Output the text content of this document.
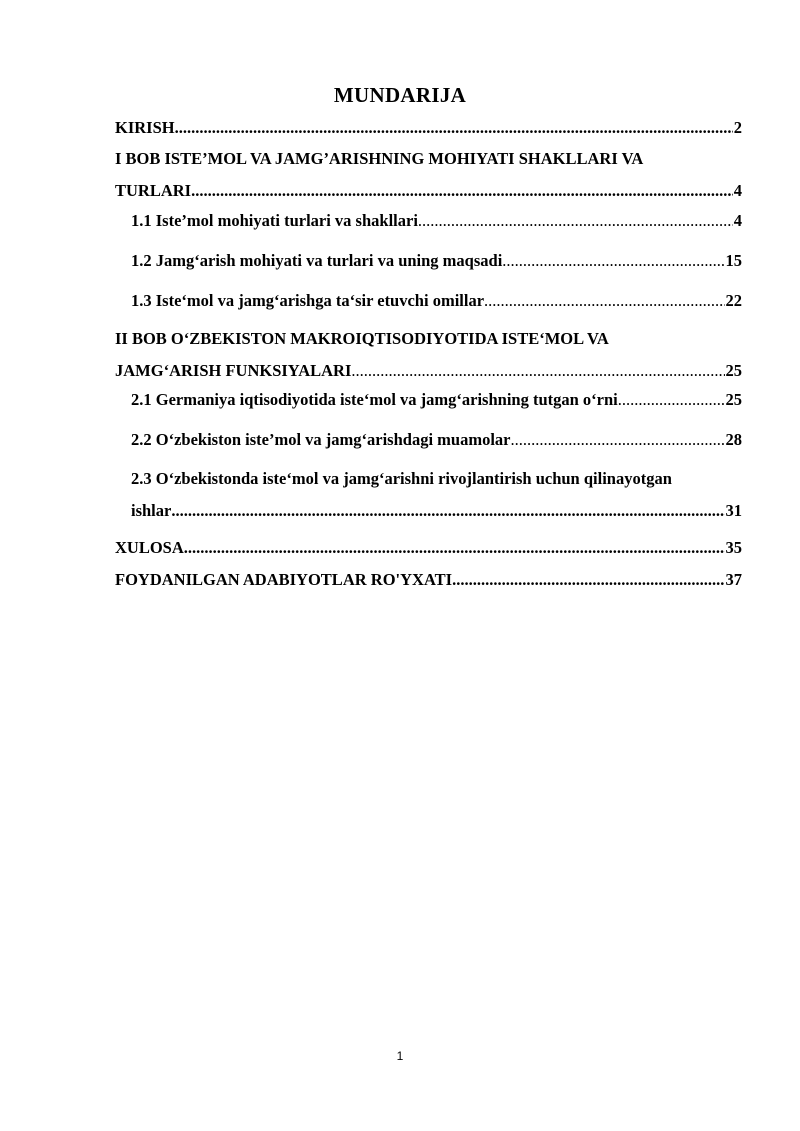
MUNDARIJA
KIRISH .....	2
I BOB ISTE’MOL VA JAMG’ARISHNING MOHIYATI SHAKLLARI VA
TURLARI .....	4
1.1 Iste’mol mohiyati turlari va shakllari .....	4
1.2 Jamg‘arish mohiyati va turlari va uning maqsadi .....	15
1.3 Iste‘mol va jamg‘arishga ta‘sir etuvchi omillar .....	22
II BOB O‘ZBEKISTON MAKROIQTISODIYOTIDA ISTE‘MOL VA
JAMG‘ARISH FUNKSIYALARI .....	25
2.1 Germaniya iqtisodiyotida iste‘mol va jamg‘arishning tutgan o‘rni .....	25
2.2 O‘zbekiston iste’mol va jamg‘arishdagi muamolar .....	28
2.3 O‘zbekistonda iste‘mol va jamg‘arishni rivojlantirish uchun qilinayotgan
ishlar .....	31
XULOSA .....	35
FOYDANILGAN ADABIYOTLAR RO'YXATI .....	37
1
